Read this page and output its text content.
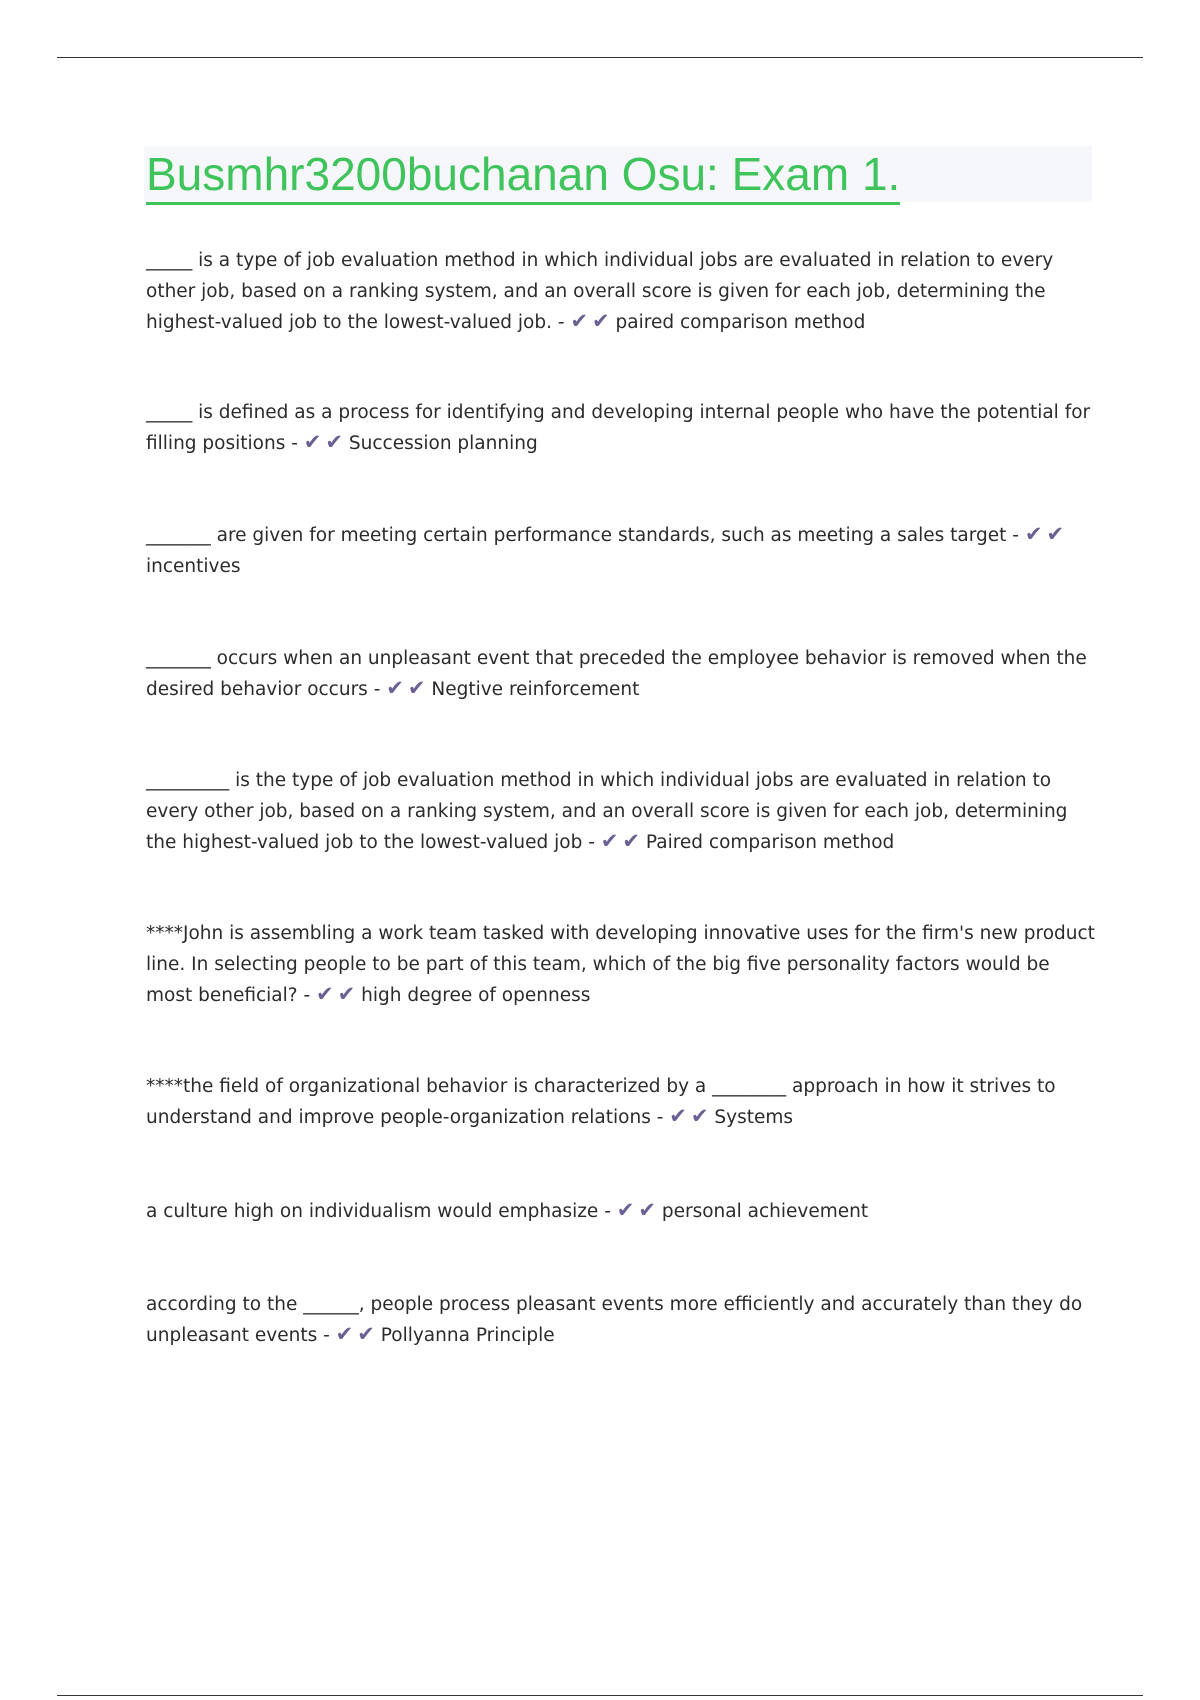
Busmhr3200buchanan Osu: Exam 1.

_____ is a type of job evaluation method in which individual jobs are evaluated in relation to every other job, based on a ranking system, and an overall score is given for each job, determining the highest-valued job to the lowest-valued job. - ✔ ✔ paired comparison method

_____ is defined as a process for identifying and developing internal people who have the potential for filling positions - ✔ ✔ Succession planning

_______ are given for meeting certain performance standards, such as meeting a sales target - ✔ ✔ incentives

_______ occurs when an unpleasant event that preceded the employee behavior is removed when the desired behavior occurs - ✔ ✔ Negtive reinforcement

_________ is the type of job evaluation method in which individual jobs are evaluated in relation to every other job, based on a ranking system, and an overall score is given for each job, determining the highest-valued job to the lowest-valued job - ✔ ✔ Paired comparison method

****John is assembling a work team tasked with developing innovative uses for the firm's new product line. In selecting people to be part of this team, which of the big five personality factors would be most beneficial? - ✔ ✔ high degree of openness

****the field of organizational behavior is characterized by a ________ approach in how it strives to understand and improve people-organization relations - ✔ ✔ Systems

a culture high on individualism would emphasize - ✔ ✔ personal achievement

according to the ______, people process pleasant events more efficiently and accurately than they do unpleasant events - ✔ ✔ Pollyanna Principle
